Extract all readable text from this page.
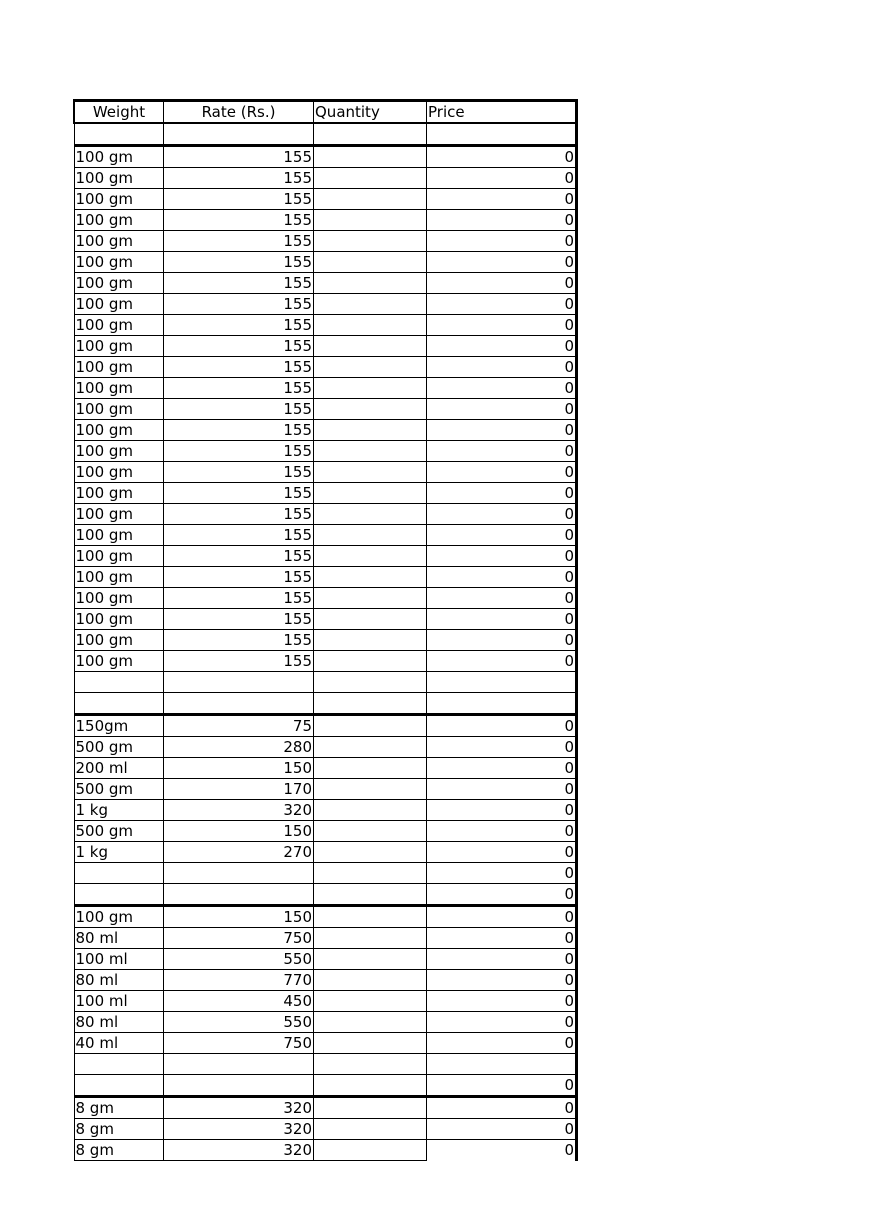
Weight	Rate (Rs.)	Quantity	Price

100 gm	155		0
100 gm	155		0
100 gm	155		0
100 gm	155		0
100 gm	155		0
100 gm	155		0
100 gm	155		0
100 gm	155		0
100 gm	155		0
100 gm	155		0
100 gm	155		0
100 gm	155		0
100 gm	155		0
100 gm	155		0
100 gm	155		0
100 gm	155		0
100 gm	155		0
100 gm	155		0
100 gm	155		0
100 gm	155		0
100 gm	155		0
100 gm	155		0
100 gm	155		0
100 gm	155		0
100 gm	155		0

150gm	75		0
500 gm	280		0
200 ml	150		0
500 gm	170		0
1 kg	320		0
500 gm	150		0
1 kg	270		0
			0
			0
100 gm	150		0
80 ml	750		0
100 ml	550		0
80 ml	770		0
100 ml	450		0
80 ml	550		0
40 ml	750		0

			0
8 gm	320		0
8 gm	320		0
8 gm	320		0
